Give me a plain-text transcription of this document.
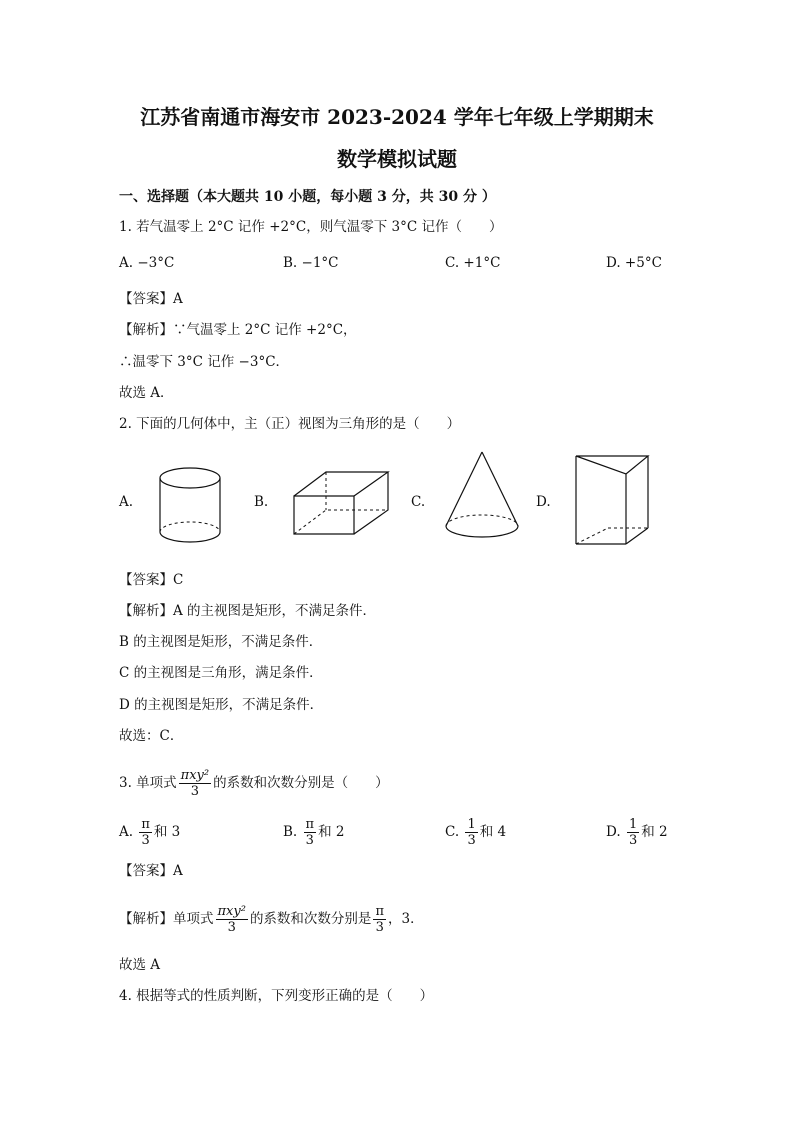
江苏省南通市海安市 2023-2024 学年七年级上学期期末
数学模拟试题
一、选择题（本大题共 10 小题，每小题 3 分，共 30 分 ）
1. 若气温零上 2°C 记作 +2°C，则气温零下 3°C 记作（　　）
A. −3°C	B. −1°C	C. +1°C	D. +5°C
【答案】A
【解析】∵气温零上 2°C 记作 +2°C，
∴温零下 3°C 记作 −3°C．
故选 A．
2. 下面的几何体中，主（正）视图为三角形的是（　　）
A.	B.	C.	D.
【答案】C
【解析】A 的主视图是矩形，不满足条件．
B 的主视图是矩形，不满足条件．
C 的主视图是三角形，满足条件．
D 的主视图是矩形，不满足条件．
故选：C．
3. 单项式 $\frac{\text{πxy²}}{3}$ 的系数和次数分别是（　　）
A. $\frac{\pi}{3}$ 和 3	B. $\frac{\pi}{3}$ 和 2	C. $\frac{1}{3}$ 和 4	D. $\frac{1}{3}$ 和 2
【答案】A
【解析】单项式 $\frac{\text{πxy²}}{3}$ 的系数和次数分别是 $\frac{\pi}{3}$ ，3．
故选 A
4. 根据等式的性质判断，下列变形正确的是（　　）
